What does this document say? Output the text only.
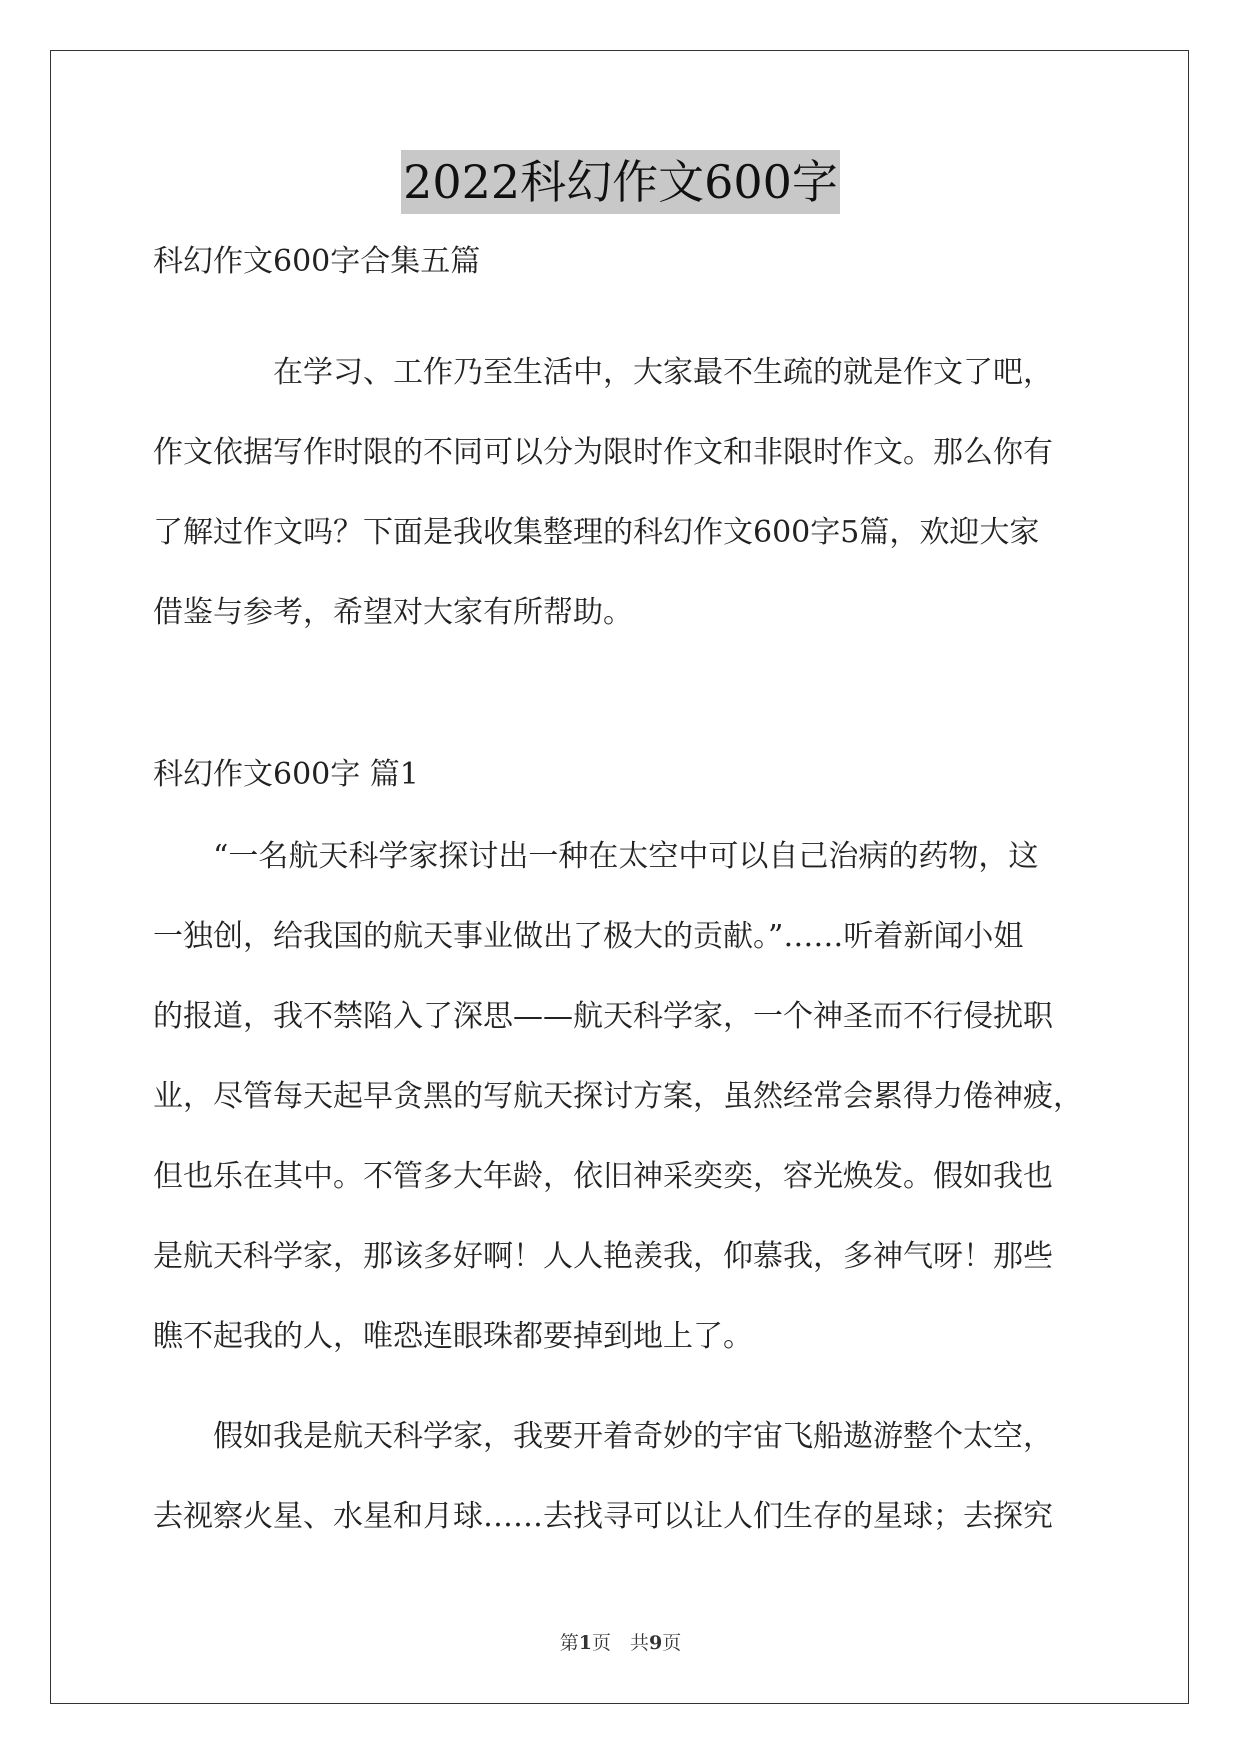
2022科幻作文600字
科幻作文600字合集五篇
在学习、工作乃至生活中，大家最不生疏的就是作文了吧，
作文依据写作时限的不同可以分为限时作文和非限时作文。那么你有
了解过作文吗？下面是我收集整理的科幻作文600字5篇，欢迎大家
借鉴与参考，希望对大家有所帮助。
科幻作文600字 篇1
“一名航天科学家探讨出一种在太空中可以自己治病的药物，这
一独创，给我国的航天事业做出了极大的贡献。”……听着新闻小姐
的报道，我不禁陷入了深思——航天科学家，一个神圣而不行侵扰职
业，尽管每天起早贪黑的写航天探讨方案，虽然经常会累得力倦神疲，
但也乐在其中。不管多大年龄，依旧神采奕奕，容光焕发。假如我也
是航天科学家，那该多好啊！人人艳羡我，仰慕我，多神气呀！那些
瞧不起我的人，唯恐连眼珠都要掉到地上了。
假如我是航天科学家，我要开着奇妙的宇宙飞船遨游整个太空，
去视察火星、水星和月球……去找寻可以让人们生存的星球；去探究
第1页　共9页
